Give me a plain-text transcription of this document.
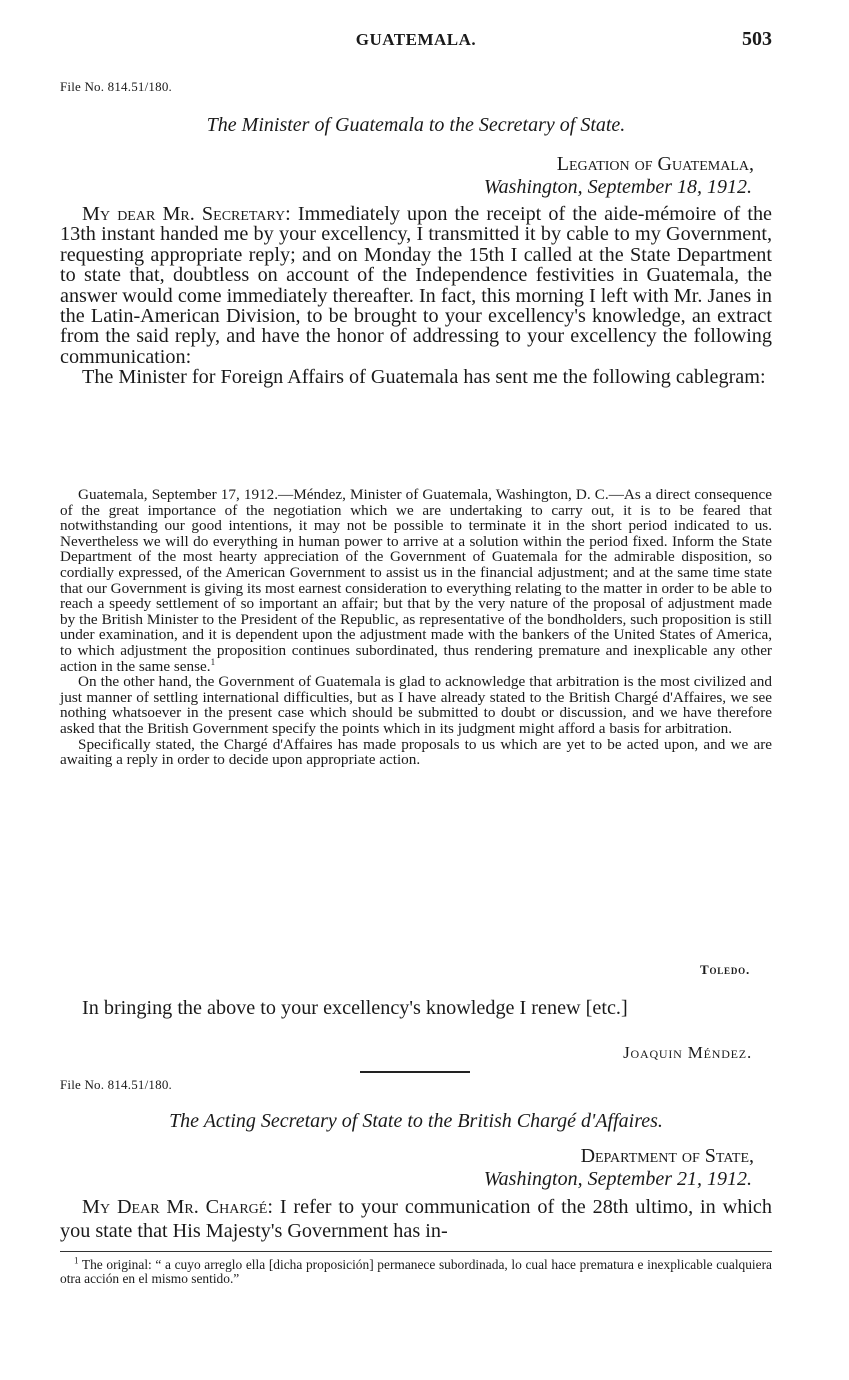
GUATEMALA.	503
File No. 814.51/180.
The Minister of Guatemala to the Secretary of State.
Legation of Guatemala,
Washington, September 18, 1912.

My dear Mr. Secretary: Immediately upon the receipt of the aide-mémoire of the 13th instant handed me by your excellency, I transmitted it by cable to my Government, requesting appropriate reply; and on Monday the 15th I called at the State Department to state that, doubtless on account of the Independence festivities in Guatemala, the answer would come immediately thereafter. In fact, this morning I left with Mr. Janes in the Latin-American Division, to be brought to your excellency's knowledge, an extract from the said reply, and have the honor of addressing to your excellency the following communication:

The Minister for Foreign Affairs of Guatemala has sent me the following cablegram:

Guatemala, September 17, 1912.—Méndez, Minister of Guatemala, Washington, D. C.—As a direct consequence of the great importance of the negotiation which we are undertaking to carry out, it is to be feared that notwithstanding our good intentions, it may not be possible to terminate it in the short period indicated to us. Nevertheless we will do everything in human power to arrive at a solution within the period fixed. Inform the State Department of the most hearty appreciation of the Government of Guatemala for the admirable disposition, so cordially expressed, of the American Government to assist us in the financial adjustment; and at the same time state that our Government is giving its most earnest consideration to everything relating to the matter in order to be able to reach a speedy settlement of so important an affair; but that by the very nature of the proposal of adjustment made by the British Minister to the President of the Republic, as representative of the bondholders, such proposition is still under examination, and it is dependent upon the adjustment made with the bankers of the United States of America, to which adjustment the proposition continues subordinated, thus rendering premature and inexplicable any other action in the same sense.$^1$

On the other hand, the Government of Guatemala is glad to acknowledge that arbitration is the most civilized and just manner of settling international difficulties, but as I have already stated to the British Chargé d'Affaires, we see nothing whatsoever in the present case which should be submitted to doubt or discussion, and we have therefore asked that the British Government specify the points which in its judgment might afford a basis for arbitration.

Specifically stated, the Chargé d'Affaires has made proposals to us which are yet to be acted upon, and we are awaiting a reply in order to decide upon appropriate action.

Toledo.

In bringing the above to your excellency's knowledge I renew [etc.]

Joaquin Méndez.
File No. 814.51/180.
The Acting Secretary of State to the British Chargé d'Affaires.
Department of State,
Washington, September 21, 1912.

My Dear Mr. Chargé: I refer to your communication of the 28th ultimo, in which you state that His Majesty's Government has in-

$^1$ The original: “ a cuyo arreglo ella [dicha proposición] permanece subordinada, lo cual hace prematura e inexplicable cualquiera otra acción en el mismo sentido.”
